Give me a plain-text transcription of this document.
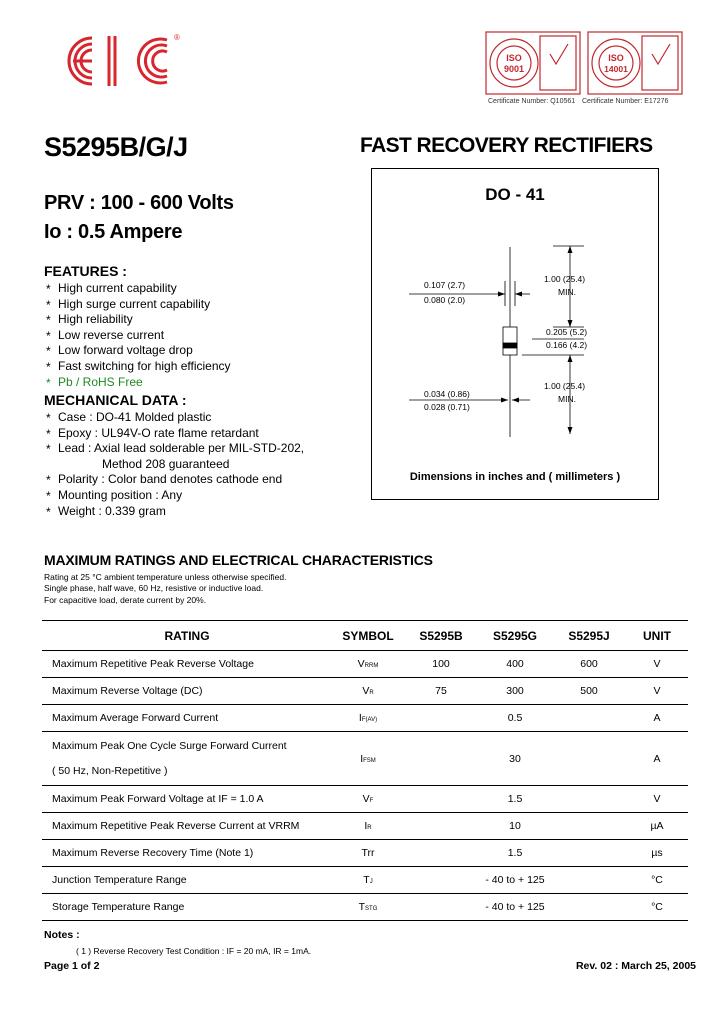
®
ISO
9001
ISO
14001
Certificate Number: Q10561 Certificate Number: E17276
S5295B/G/J	FAST RECOVERY RECTIFIERS
PRV : 100 - 600 Volts
Io : 0.5 Ampere
FEATURES :
* High current capability
* High surge current capability
* High reliability
* Low reverse current
* Low forward voltage drop
* Fast switching for high efficiency
* Pb / RoHS Free
MECHANICAL DATA :
* Case : DO-41 Molded plastic
* Epoxy : UL94V-O rate flame retardant
* Lead : Axial lead solderable per MIL-STD-202,
Method 208 guaranteed
* Polarity : Color band denotes cathode end
* Mounting position : Any
* Weight : 0.339 gram
DO - 41
0.107 (2.7)
0.080 (2.0)
1.00 (25.4)
MIN.
0.205 (5.2)
0.166 (4.2)
1.00 (25.4)
MIN.
0.034 (0.86)
0.028 (0.71)
Dimensions in inches and ( millimeters )
MAXIMUM RATINGS AND ELECTRICAL CHARACTERISTICS
Rating at 25 °C ambient temperature unless otherwise specified.
Single phase, half wave, 60 Hz, resistive or inductive load.
For capacitive load, derate current by 20%.
RATING	SYMBOL	S5295B	S5295G	S5295J	UNIT
Maximum Repetitive Peak Reverse Voltage	VRRM	100	400	600	V
Maximum Reverse Voltage (DC)	VR	75	300	500	V
Maximum Average Forward Current	IF(AV)	0.5			A

Maximum Peak One Cycle Surge Forward Current
( 50 Hz, Non-Repetitive )	IFSM	30			A
Maximum Peak Forward Voltage at IF = 1.0 A	VF	1.5			V
Maximum Repetitive Peak Reverse Current at VRRM	IR	10			µA
Maximum Reverse Recovery Time (Note 1)	Trr	1.5			µs
Junction Temperature Range	TJ	- 40 to + 125			°C
Storage Temperature Range	TSTG	- 40 to + 125			°C
Notes :
( 1 ) Reverse Recovery Test Condition : IF = 20 mA, IR = 1mA.
Page 1 of 2	Rev. 02 : March 25, 2005
